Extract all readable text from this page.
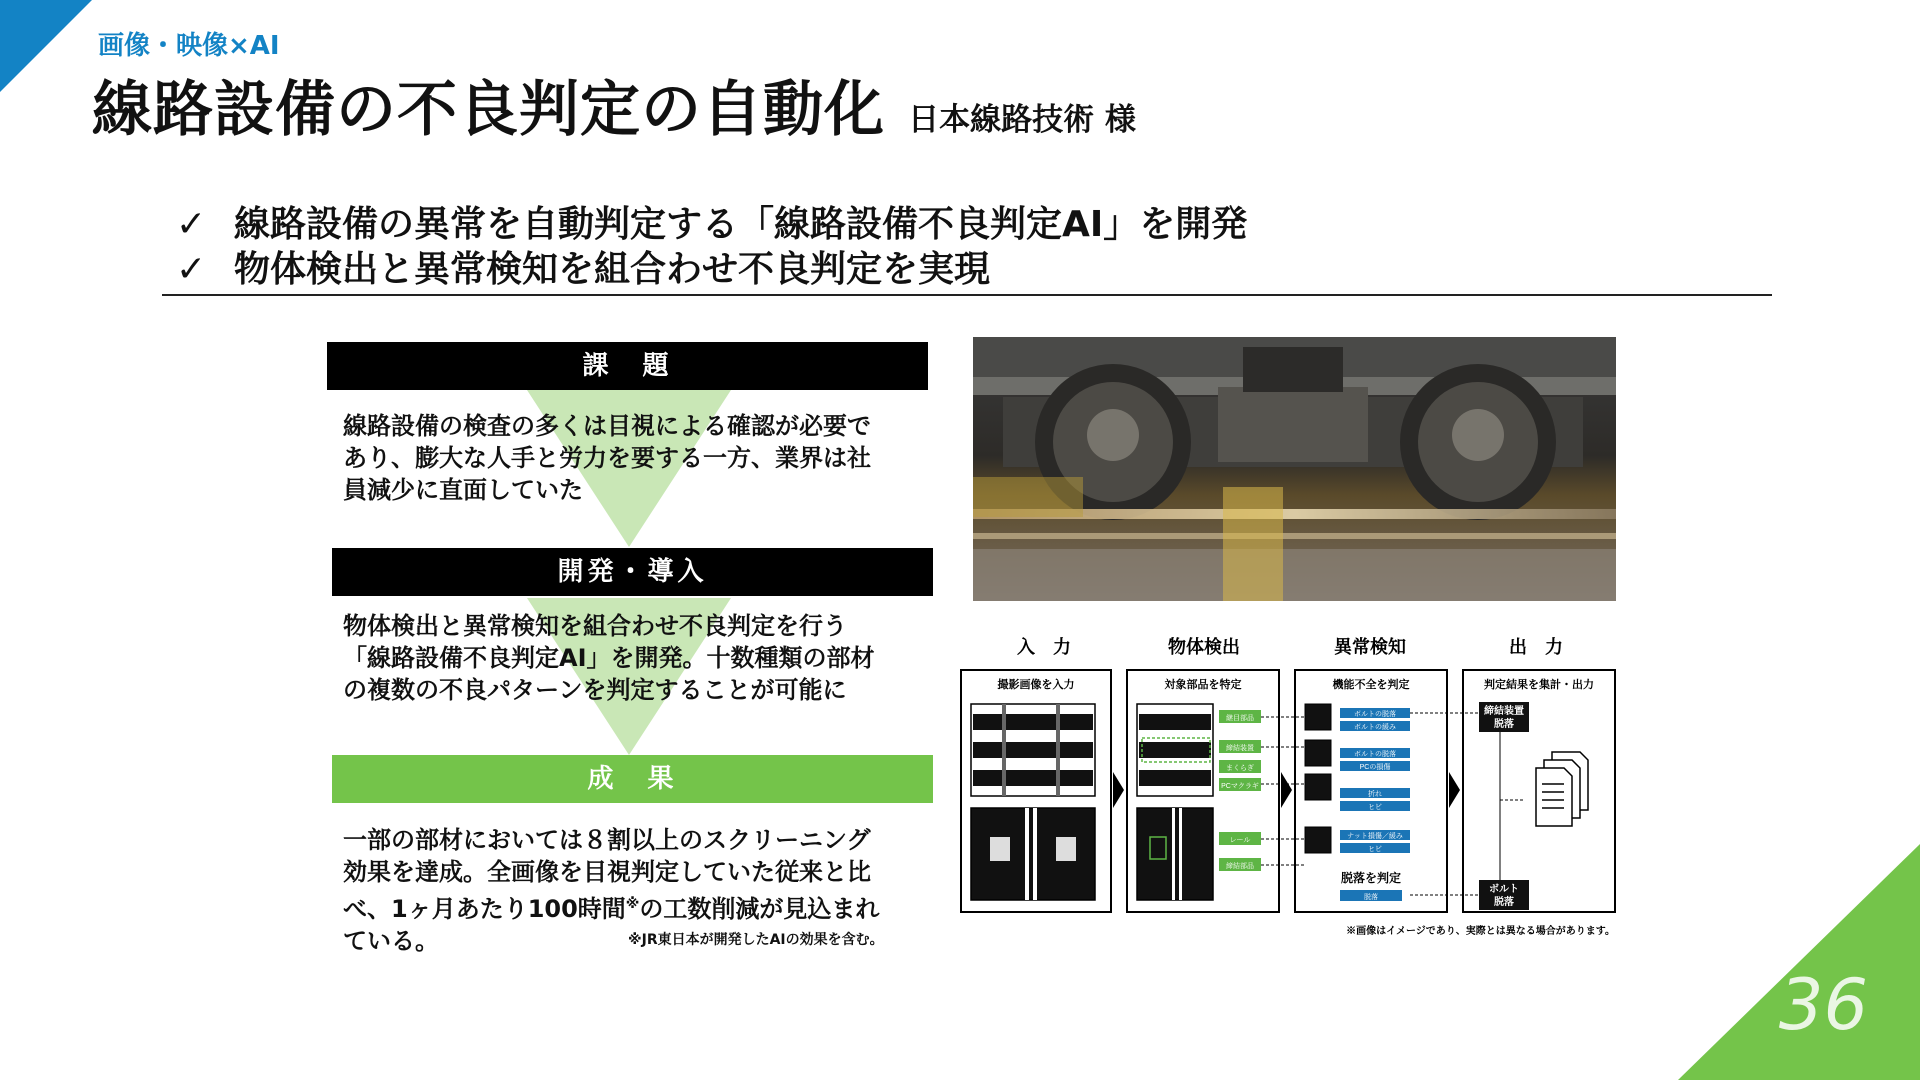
画像・映像×AI
線路設備の不良判定の自動化 日本線路技術 様
✓ 線路設備の異常を自動判定する「線路設備不良判定AI」を開発
✓ 物体検出と異常検知を組合わせ不良判定を実現
課　題
線路設備の検査の多くは目視による確認が必要で
あり、膨大な人手と労力を要する一方、業界は社
員減少に直面していた
開発・導入
物体検出と異常検知を組合わせ不良判定を行う
「線路設備不良判定AI」を開発。十数種類の部材
の複数の不良パターンを判定することが可能に
成　果
一部の部材においては８割以上のスクリーニング
効果を達成。全画像を目視判定していた従来と比
べ、1ヶ月あたり100時間※の工数削減が見込まれ
ている。	※JR東日本が開発したAIの効果を含む。
入　力	物体検出	異常検知	出　力
撮影画像を入力	対象部品を特定	機能不全を判定	判定結果を集計・出力
継目部品
締結装置
まくらぎ
PCマクラギ
レール
締結部品
ボルトの脱落
ボルトの緩み
ボルトの脱落
PCの損傷
折れ
ヒビ
ナット損傷／緩み
ヒビ
脱落を判定
脱落
締結装置
脱落
ボルト
脱落
※画像はイメージであり、実際とは異なる場合があります。
36
